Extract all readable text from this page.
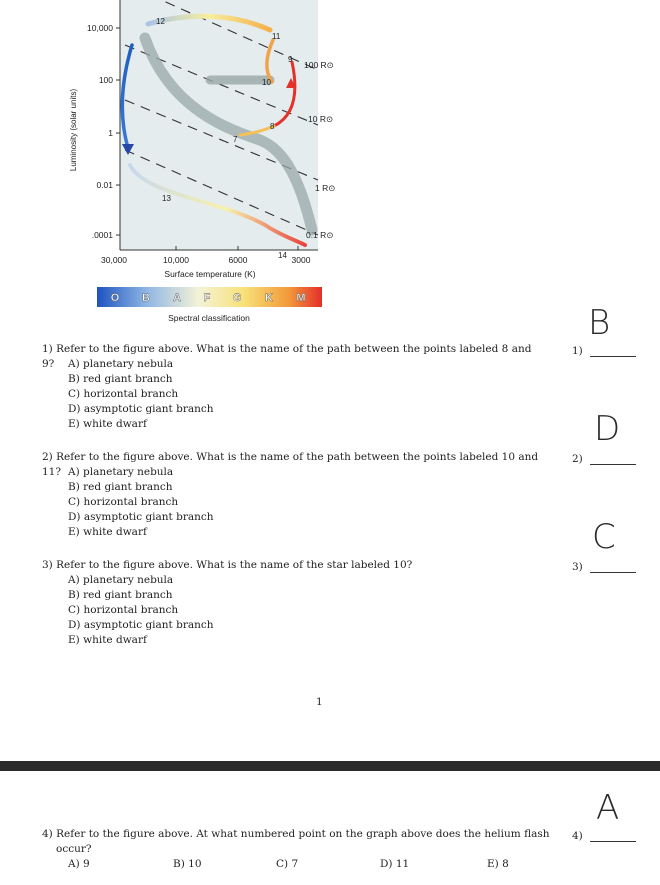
10,000
100
1
0.01
.0001
30,000	10,000	6000	3000
Surface temperature (K)
Luminosity (solar units)
100 R⊙
10 R⊙
1 R⊙
0.1 R⊙
12
11
9
10
8
7
13
14
O B A F G K M
Spectral classification
1) Refer to the figure above. What is the name of the path between the points labeled 8 and 9?
1)
B
A) planetary nebula
B) red giant branch
C) horizontal branch
D) asymptotic giant branch
E) white dwarf
2) Refer to the figure above. What is the name of the path between the points labeled 10 and 11?
2)
D
A) planetary nebula
B) red giant branch
C) horizontal branch
D) asymptotic giant branch
E) white dwarf
3) Refer to the figure above. What is the name of the star labeled 10?	3)
C
A) planetary nebula
B) red giant branch
C) horizontal branch
D) asymptotic giant branch
E) white dwarf
1
4) Refer to the figure above. At what numbered point on the graph above does the helium flash
occur?
4)
A
A) 9	B) 10	C) 7	D) 11	E) 8
